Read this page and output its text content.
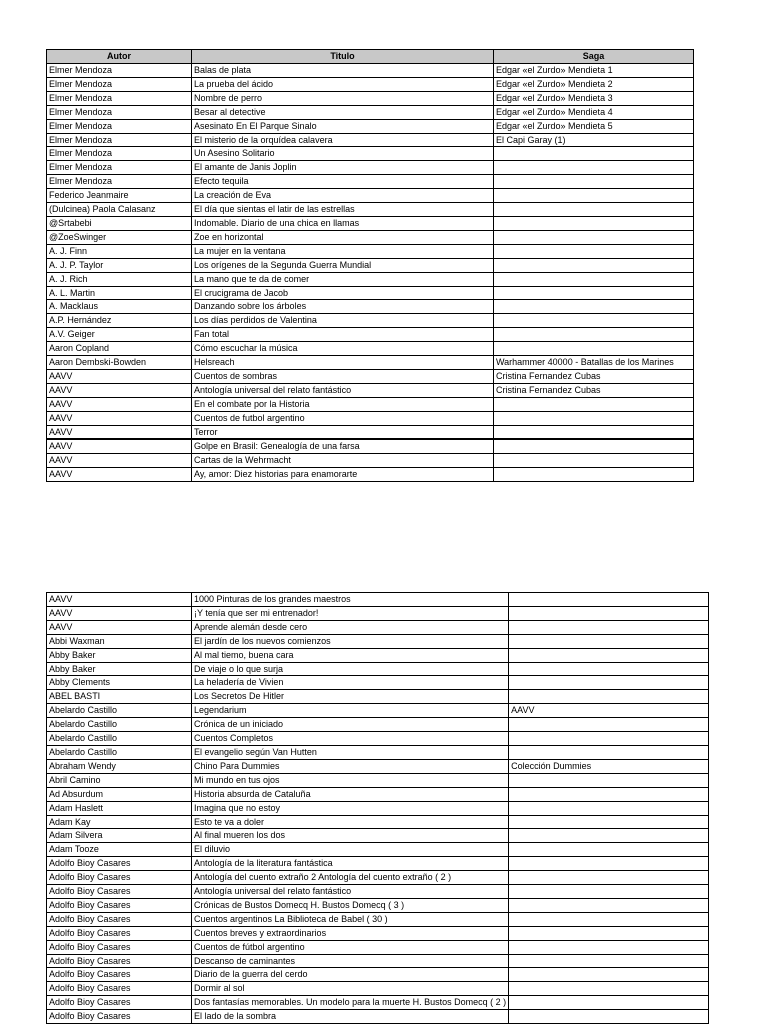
Autor	Titulo	Saga
Elmer Mendoza	Balas de plata	Edgar «el Zurdo» Mendieta 1
Elmer Mendoza	La prueba del ácido	Edgar «el Zurdo» Mendieta 2
Elmer Mendoza	Nombre de perro	Edgar «el Zurdo» Mendieta 3
Elmer Mendoza	Besar al detective	Edgar «el Zurdo» Mendieta 4
Elmer Mendoza	Asesinato En El Parque Sinalo	Edgar «el Zurdo» Mendieta 5
Elmer Mendoza	El misterio de la orquídea calavera	El Capi Garay (1)
Elmer Mendoza	Un Asesino Solitario	
Elmer Mendoza	El amante de Janis Joplin	
Elmer Mendoza	Efecto tequila	
Federico Jeanmaire	La creación de Eva	
(Dulcinea) Paola Calasanz	El día que sientas el latir de las estrellas	
@Srtabebi	Indomable. Diario de una chica en llamas	
@ZoeSwinger	Zoe en horizontal	
A. J. Finn	La mujer en la ventana	
A. J. P. Taylor	Los orígenes de la Segunda Guerra Mundial	
A. J. Rich	La mano que te da de comer	
A. L. Martin	El crucigrama de Jacob	
A. Macklaus	Danzando sobre los árboles	
A.P. Hernández	Los días perdidos de Valentina	
A.V. Geiger	Fan total	
Aaron Copland	Cómo escuchar la música	
Aaron Dembski-Bowden	Helsreach	Warhammer 40000 - Batallas de los Marines
AAVV	Cuentos de sombras	Cristina Fernandez Cubas
AAVV	Antología universal del relato fantástico	Cristina Fernandez Cubas
AAVV	En el combate por la Historia	
AAVV	Cuentos de futbol argentino	
AAVV	Terror	
AAVV	Golpe en Brasil: Genealogía de una farsa	
AAVV	Cartas de la Wehrmacht	
AAVV	Ay, amor: Diez historias para enamorarte	
AAVV	1000 Pinturas de los grandes maestros	
AAVV	¡Y tenía que ser mi entrenador!	
AAVV	Aprende alemán desde cero	
Abbi Waxman	El jardín de los nuevos comienzos	
Abby Baker	Al mal tiemo, buena cara	
Abby Baker	De viaje o lo que surja	
Abby Clements	La heladería de Vivien	
ABEL BASTI	Los Secretos De Hitler	
Abelardo Castillo	Legendarium	AAVV
Abelardo Castillo	Crónica de un iniciado	
Abelardo Castillo	Cuentos Completos	
Abelardo Castillo	El evangelio según Van Hutten	
Abraham Wendy	Chino Para Dummies	Colección Dummies
Abril Camino	Mi mundo en tus ojos	
Ad Absurdum	Historia absurda de Cataluña	
Adam Haslett	Imagina que no estoy	
Adam Kay	Esto te va a doler	
Adam Silvera	Al final mueren los dos	
Adam Tooze	El diluvio	
Adolfo Bioy Casares	Antología de la literatura fantástica	
Adolfo Bioy Casares	Antología del cuento extraño 2 Antología del cuento extraño ( 2 )	
Adolfo Bioy Casares	Antología universal del relato fantástico	
Adolfo Bioy Casares	Crónicas de Bustos Domecq H. Bustos Domecq ( 3 )	
Adolfo Bioy Casares	Cuentos argentinos La Biblioteca de Babel ( 30 )	
Adolfo Bioy Casares	Cuentos breves y extraordinarios	
Adolfo Bioy Casares	Cuentos de fútbol argentino	
Adolfo Bioy Casares	Descanso de caminantes	
Adolfo Bioy Casares	Diario de la guerra del cerdo	
Adolfo Bioy Casares	Dormir al sol	
Adolfo Bioy Casares	Dos fantasías memorables. Un modelo para la muerte H. Bustos Domecq ( 2 )	
Adolfo Bioy Casares	El lado de la sombra	
